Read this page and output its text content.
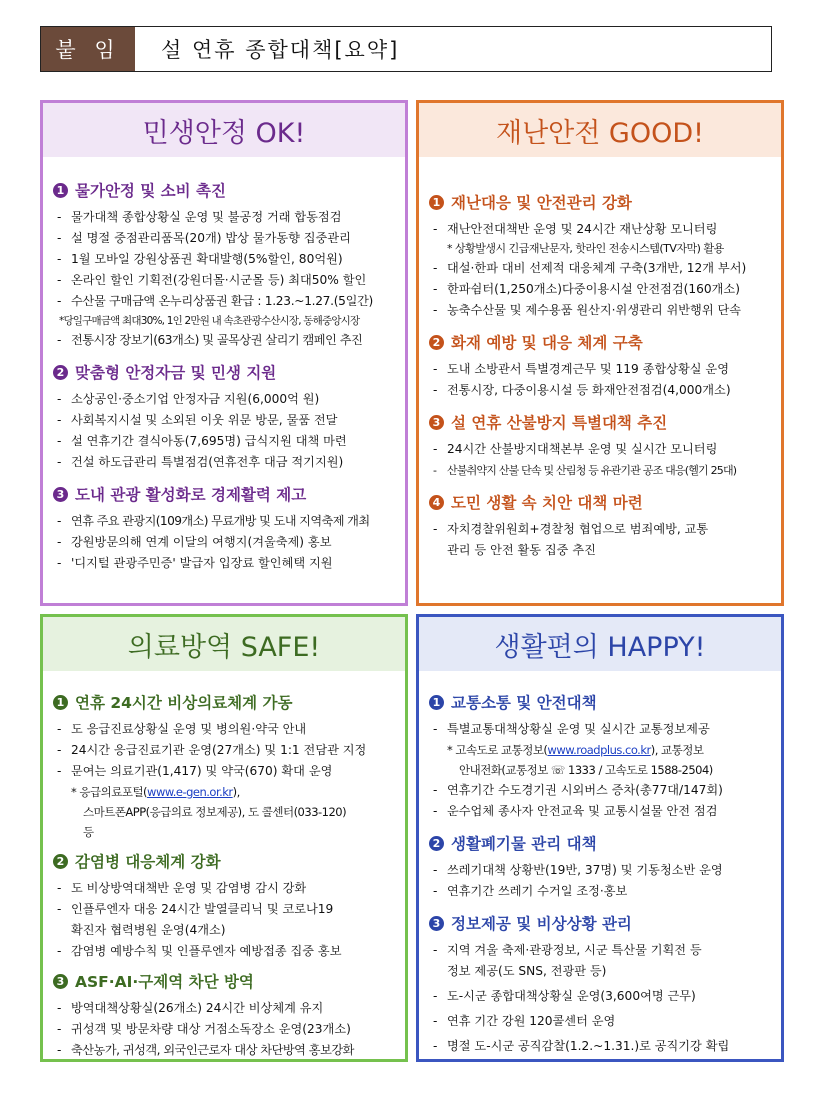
붙 임	설 연휴 종합대책[요약]
민생안정 OK!
1 물가안정 및 소비 촉진
- 물가대책 종합상황실 운영 및 불공정 거래 합동점검
- 설 명절 중점관리품목(20개) 밥상 물가동향 집중관리
- 1월 모바일 강원상품권 확대발행(5%할인, 80억원)
- 온라인 할인 기획전(강원더몰·시군몰 등) 최대50% 할인
- 수산물 구매금액 온누리상품권 환급 : 1.23.~1.27.(5일간)
*당일구매금액 최대30%, 1인 2만원 내 속초관광수산시장, 동해중앙시장
- 전통시장 장보기(63개소) 및 골목상권 살리기 캠페인 추진
2 맞춤형 안정자금 및 민생 지원
- 소상공인·중소기업 안정자금 지원(6,000억 원)
- 사회복지시설 및 소외된 이웃 위문 방문, 물품 전달
- 설 연휴기간 결식아동(7,695명) 급식지원 대책 마련
- 건설 하도급관리 특별점검(연휴전후 대금 적기지원)
3 도내 관광 활성화로 경제활력 제고
- 연휴 주요 관광지(109개소) 무료개방 및 도내 지역축제 개최
- 강원방문의해 연계 이달의 여행지(겨울축제) 홍보
- '디지털 관광주민증' 발급자 입장료 할인혜택 지원
재난안전 GOOD!
1 재난대응 및 안전관리 강화
- 재난안전대책반 운영 및 24시간 재난상황 모니터링
* 상황발생시 긴급재난문자, 핫라인 전송시스템(TV자막) 활용
- 대설·한파 대비 선제적 대응체계 구축(3개반, 12개 부서)
- 한파쉼터(1,250개소)다중이용시설 안전점검(160개소)
- 농축수산물 및 제수용품 원산지·위생관리 위반행위 단속
2 화재 예방 및 대응 체계 구축
- 도내 소방관서 특별경계근무 및 119 종합상황실 운영
- 전통시장, 다중이용시설 등 화재안전점검(4,000개소)
3 설 연휴 산불방지 특별대책 추진
- 24시간 산불방지대책본부 운영 및 실시간 모니터링
- 산불취약지 산불 단속 및 산림청 등 유관기관 공조 대응(헬기 25대)
4 도민 생활 속 치안 대책 마련
- 자치경찰위원회+경찰청 협업으로 범죄예방, 교통
관리 등 안전 활동 집중 추진
의료방역 SAFE!
1 연휴 24시간 비상의료체계 가동
- 도 응급진료상황실 운영 및 병의원·약국 안내
- 24시간 응급진료기관 운영(27개소) 및 1:1 전담관 지정
- 문여는 의료기관(1,417) 및 약국(670) 확대 운영
* 응급의료포털(www.e-gen.or.kr),
스마트폰APP(응급의료 정보제공), 도 콜센터(033-120)
등
2 감염병 대응체계 강화
- 도 비상방역대책반 운영 및 감염병 감시 강화
- 인플루엔자 대응 24시간 발열클리닉 및 코로나19
확진자 협력병원 운영(4개소)
- 감염병 예방수칙 및 인플루엔자 예방접종 집중 홍보
3 ASF·AI·구제역 차단 방역
- 방역대책상황실(26개소) 24시간 비상체계 유지
- 귀성객 및 방문차량 대상 거점소독장소 운영(23개소)
- 축산농가, 귀성객, 외국인근로자 대상 차단방역 홍보강화
생활편의 HAPPY!
1 교통소통 및 안전대책
- 특별교통대책상황실 운영 및 실시간 교통정보제공
* 고속도로 교통정보(www.roadplus.co.kr), 교통정보
안내전화(교통정보 ☏ 1333 / 고속도로 1588-2504)
- 연휴기간 수도경기권 시외버스 증차(총77대/147회)
- 운수업체 종사자 안전교육 및 교통시설물 안전 점검
2 생활폐기물 관리 대책
- 쓰레기대책 상황반(19반, 37명) 및 기동청소반 운영
- 연휴기간 쓰레기 수거일 조정·홍보
3 정보제공 및 비상상황 관리
- 지역 겨울 축제·관광정보, 시군 특산물 기획전 등
정보 제공(도 SNS, 전광판 등)
- 도-시군 종합대책상황실 운영(3,600여명 근무)
- 연휴 기간 강원 120콜센터 운영
- 명절 도-시군 공직감찰(1.2.~1.31.)로 공직기강 확립
